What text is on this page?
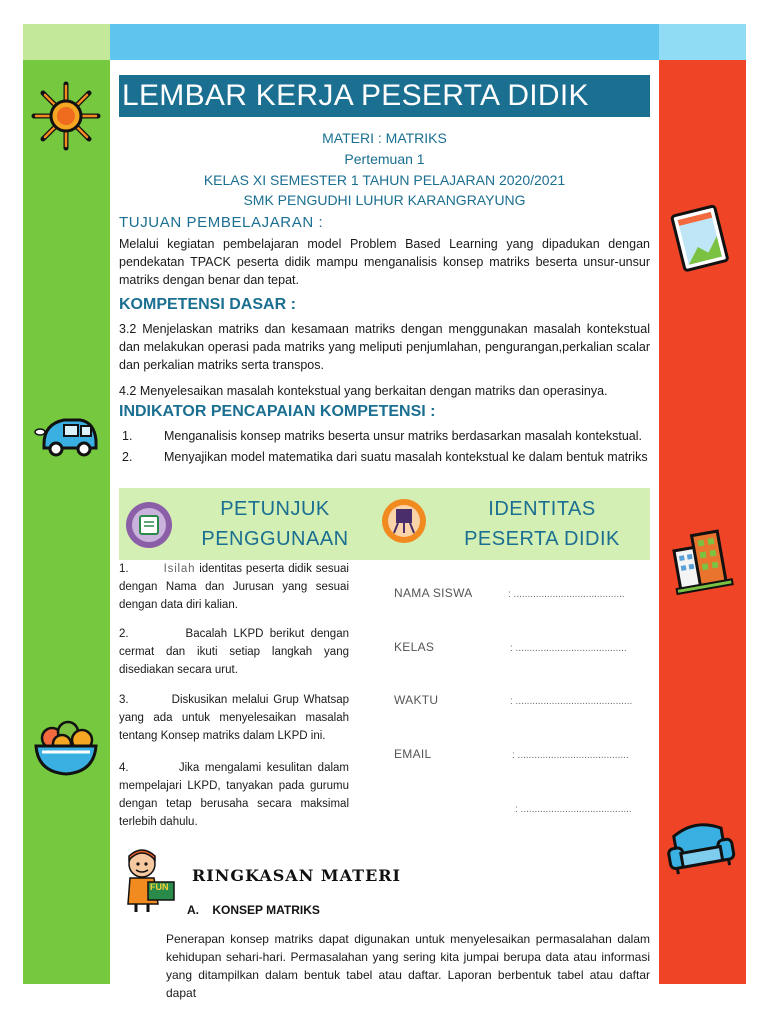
LEMBAR KERJA PESERTA DIDIK
MATERI : MATRIKS
Pertemuan 1
KELAS XI SEMESTER 1 TAHUN PELAJARAN 2020/2021
SMK PENGUDHI LUHUR KARANGRAYUNG
TUJUAN PEMBELAJARAN :
Melalui kegiatan pembelajaran model Problem Based Learning yang dipadukan dengan pendekatan TPACK peserta didik mampu menganalisis konsep matriks beserta unsur-unsur matriks dengan benar dan tepat.
KOMPETENSI DASAR :
3.2 Menjelaskan matriks dan kesamaan matriks dengan menggunakan masalah kontekstual dan melakukan operasi pada matriks yang meliputi penjumlahan, pengurangan,perkalian scalar dan perkalian matriks serta transpos.
4.2 Menyelesaikan masalah kontekstual yang berkaitan dengan matriks dan operasinya.
INDIKATOR PENCAPAIAN KOMPETENSI :
1.	Menganalisis konsep matriks beserta unsur matriks berdasarkan masalah kontekstual.
2.	Menyajikan model matematika dari suatu masalah kontekstual ke dalam bentuk matriks
PETUNJUK
PENGGUNAAN
IDENTITAS
PESERTA DIDIK
1.	Isilah identitas peserta didik sesuai dengan Nama dan Jurusan yang sesuai dengan data diri kalian.
2.	Bacalah LKPD berikut dengan cermat dan ikuti setiap langkah yang disediakan secara urut.
3.	Diskusikan melalui Grup Whatsap yang ada untuk menyelesaikan masalah tentang Konsep matriks dalam LKPD ini.
4.	Jika mengalami kesulitan dalam mempelajari LKPD, tanyakan pada gurumu dengan tetap berusaha secara maksimal terlebih dahulu.
NAMA SISWA	: ........................................
KELAS	: ........................................
WAKTU	: ..........................................
EMAIL	: ........................................
: ........................................
FUN
RINGKASAN MATERI
A.    KONSEP MATRIKS
Penerapan konsep matriks dapat digunakan untuk menyelesaikan permasalahan dalam kehidupan sehari-hari. Permasalahan yang sering kita jumpai berupa data atau informasi yang ditampilkan dalam bentuk tabel atau daftar. Laporan berbentuk tabel atau daftar dapat
